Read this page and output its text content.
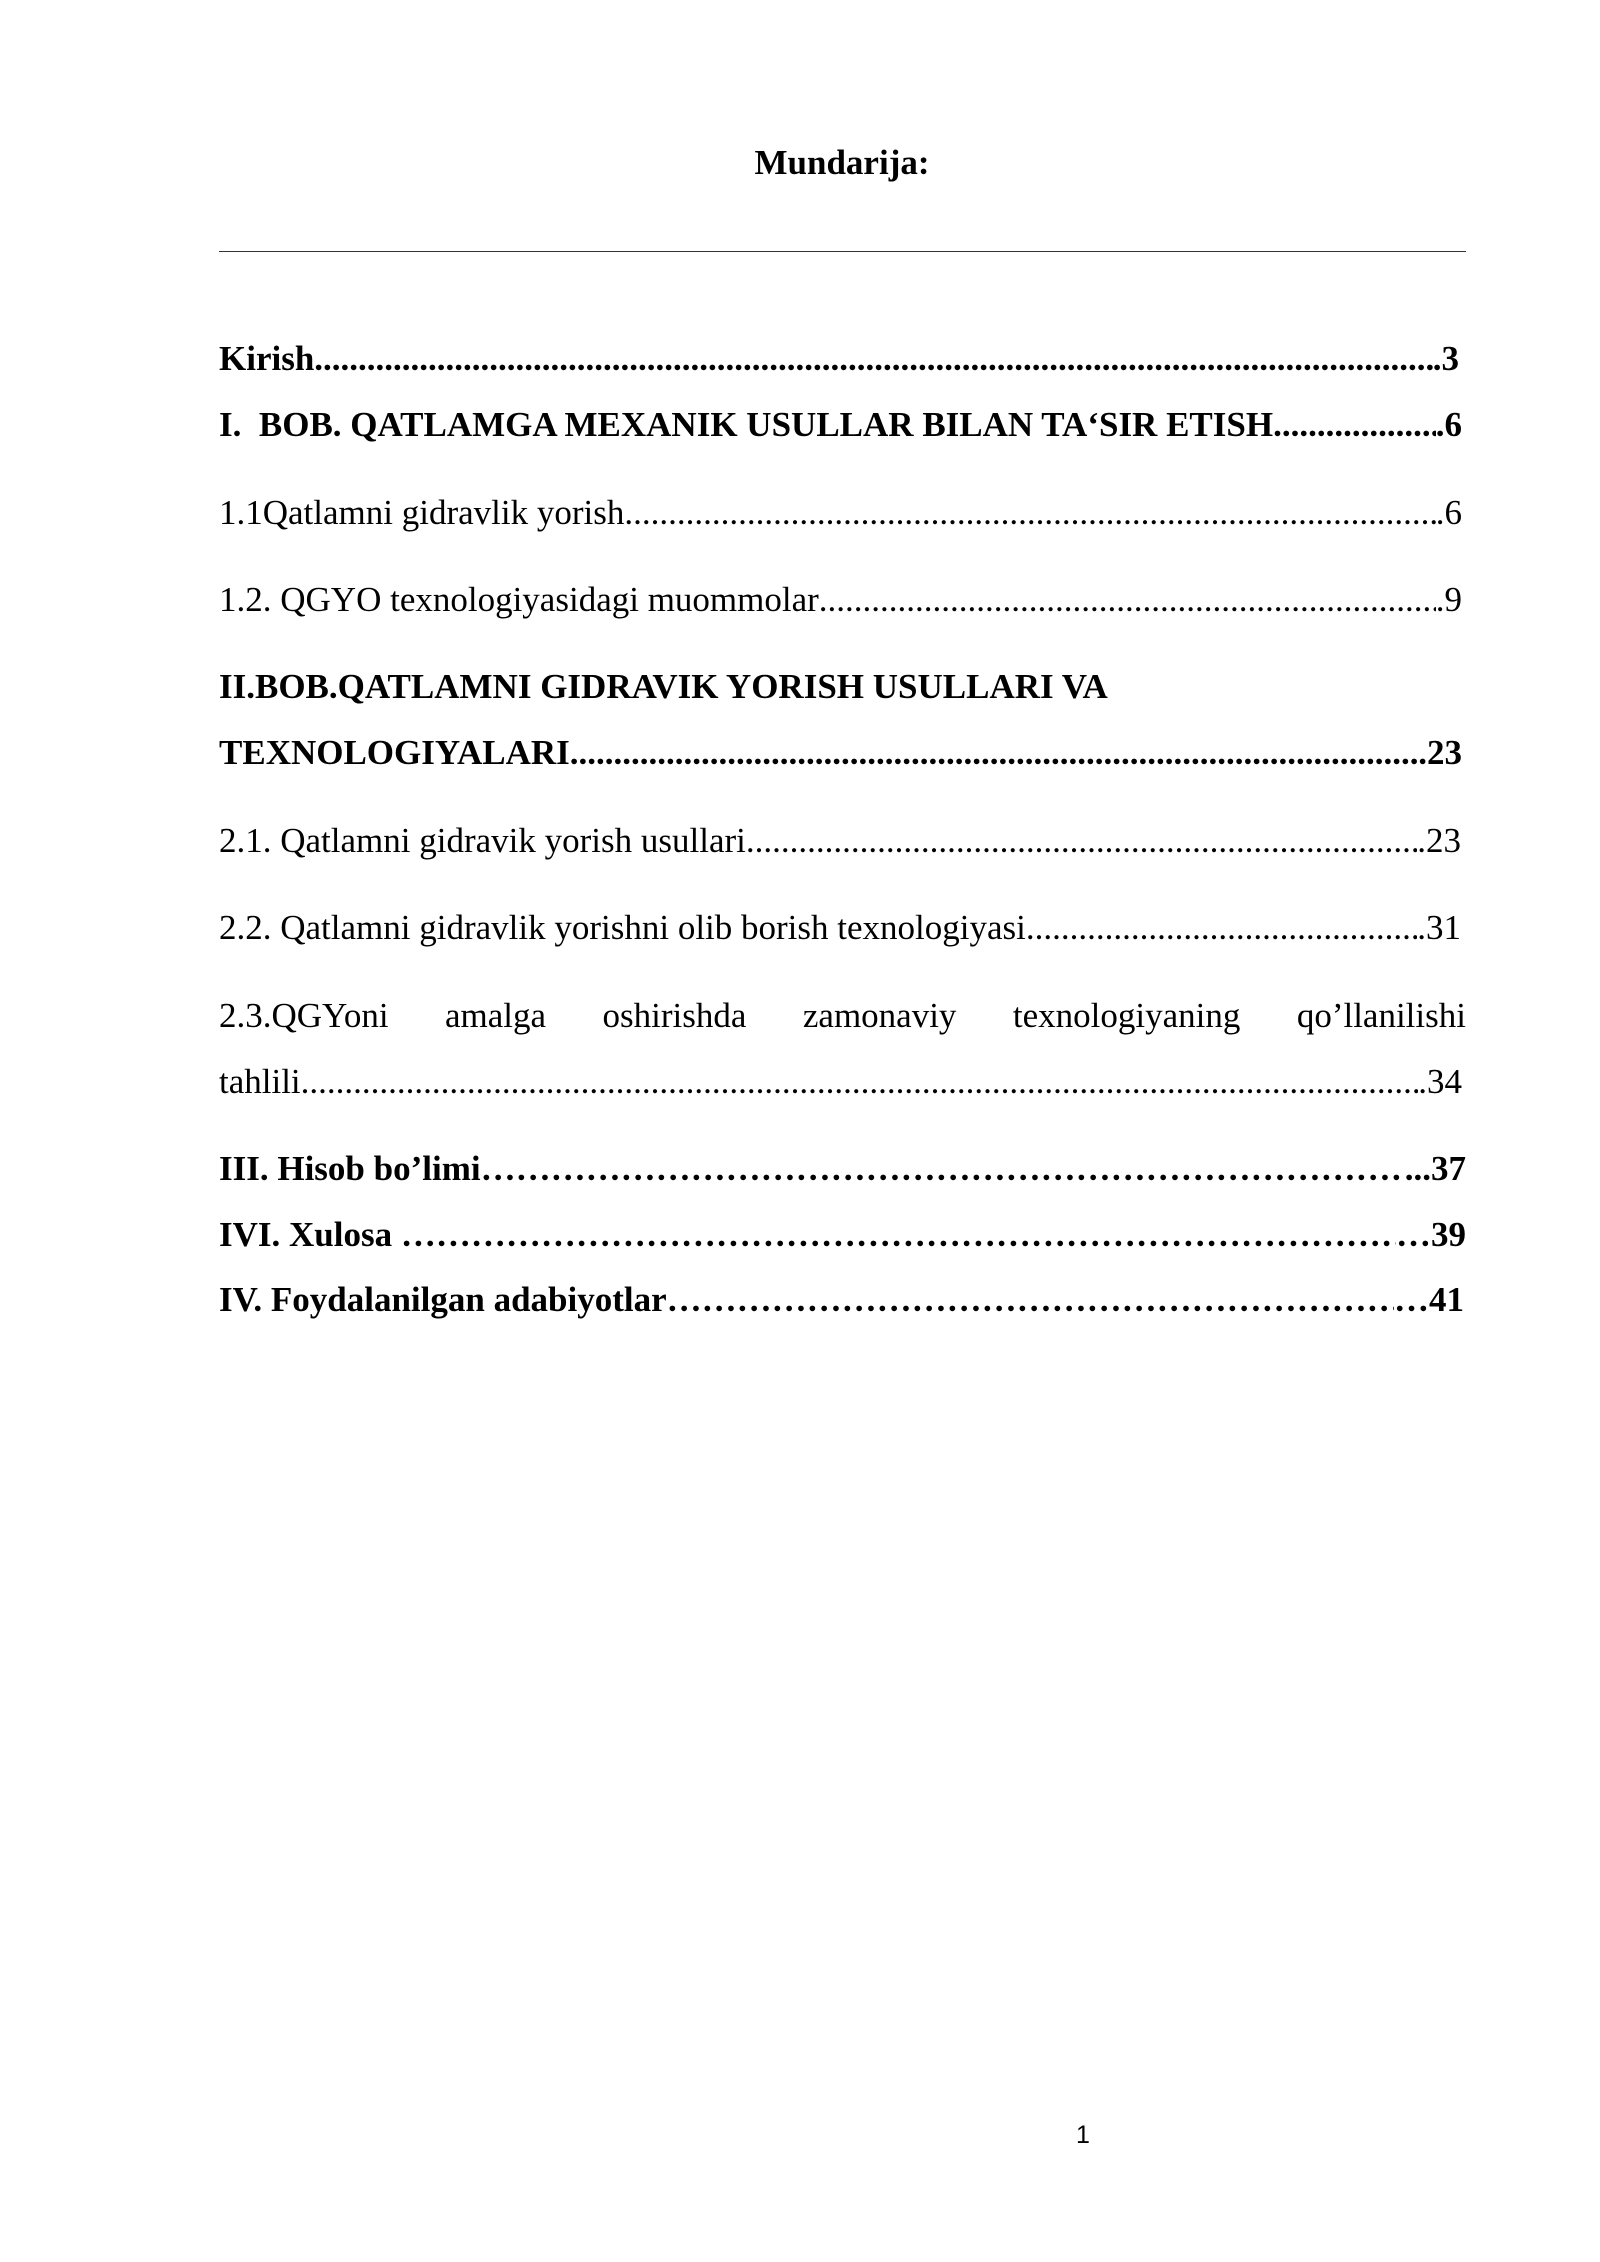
Mundarija:
Kirish .....	.3
I.  BOB. QATLAMGA MEXANIK USULLAR BILAN TA‘SIR ETISH .....	.6
1.1Qatlamni gidravlik yorish .....	.6
1.2. QGYO texnologiyasidagi muommolar .....	.9
II.BOB.QATLAMNI GIDRAVIK YORISH USULLARI VA
TEXNOLOGIYALARI .....	.23
2.1. Qatlamni gidravik yorish usullari .....	.23
2.2. Qatlamni gidravlik yorishni olib borish texnologiyasi .....	.31
2.3.QGYoni amalga oshirishda zamonaviy texnologiyaning qo’llanilishi
tahlili .....	.34
III. Hisob bo’limi ………………………………………………………………………………………………………………………………………………………………………………………………………………	...37
IVI. Xulosa ………………………………………………………………………………………………………………………………………………………………………………………………………………	…39
IV. Foydalanilgan adabiyotlar ………………………………………………………………………………………………………………………………………………………………………………………………………………	…41
1
